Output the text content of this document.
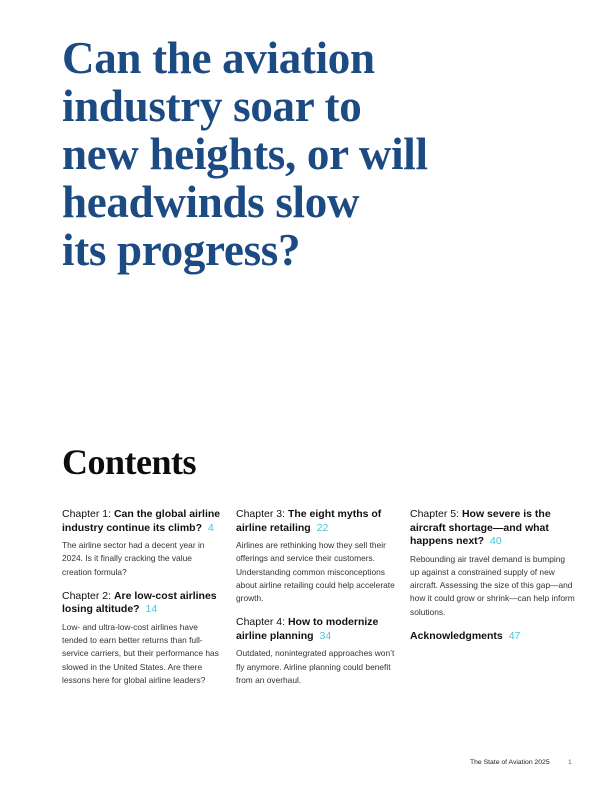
Can the aviation
industry soar to
new heights, or will
headwinds slow
its progress?
Contents

Chapter 1: Can the global airline industry continue its climb? 4

The airline sector had a decent year in 2024. Is it finally cracking the value creation formula?

Chapter 2: Are low-cost airlines losing altitude? 14

Low- and ultra-low-cost airlines have tended to earn better returns than full-service carriers, but their performance has slowed in the United States. Are there lessons here for global airline leaders?

Chapter 3: The eight myths of airline retailing 22

Airlines are rethinking how they sell their offerings and service their customers. Understanding common misconceptions about airline retailing could help accelerate growth.

Chapter 4: How to modernize airline planning 34

Outdated, nonintegrated approaches won’t fly anymore. Airline planning could benefit from an overhaul.

Chapter 5: How severe is the aircraft shortage—and what happens next? 40

Rebounding air travel demand is bumping up against a constrained supply of new aircraft. Assessing the size of this gap—and how it could grow or shrink—can help inform solutions.

Acknowledgments 47
The State of Aviation 2025	1
